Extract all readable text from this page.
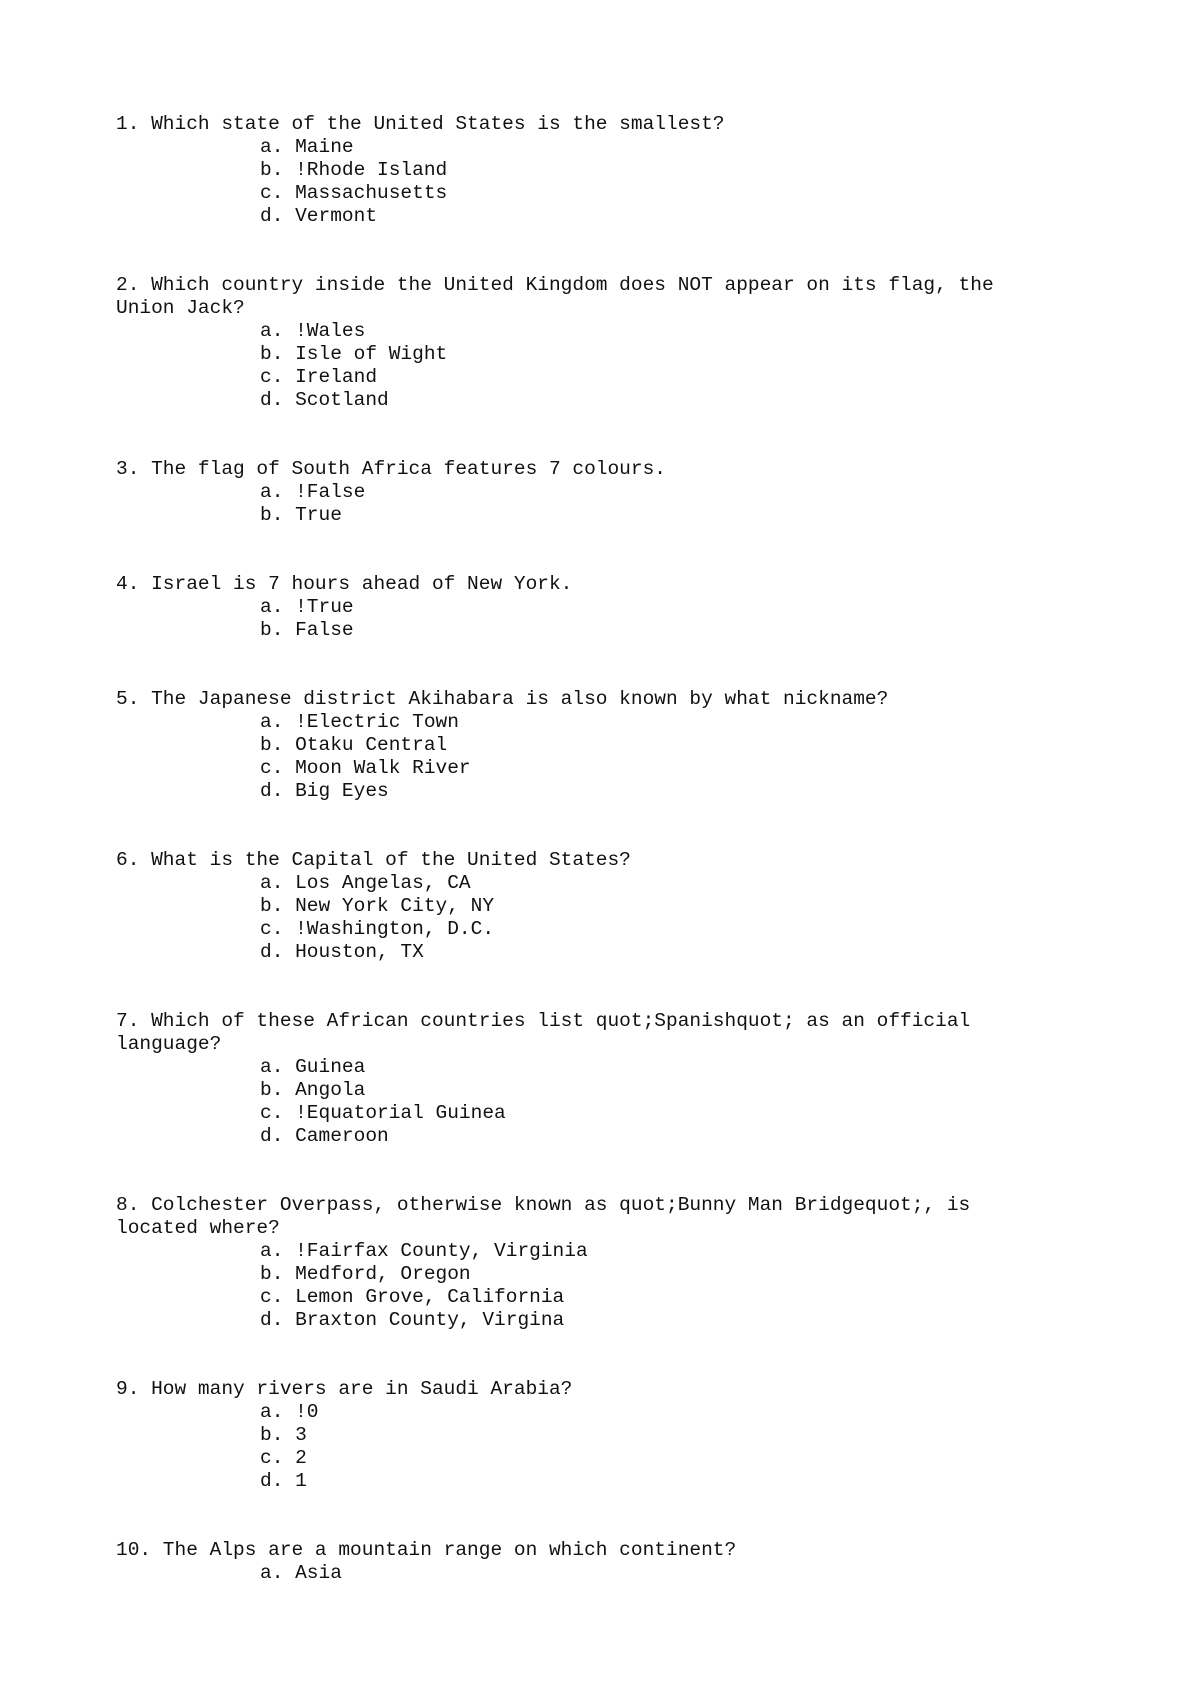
1. Which state of the United States is the smallest?
a. Maine
b. !Rhode Island
c. Massachusetts
d. Vermont
2. Which country inside the United Kingdom does NOT appear on its flag, the
Union Jack?
a. !Wales
b. Isle of Wight
c. Ireland
d. Scotland
3. The flag of South Africa features 7 colours.
a. !False
b. True
4. Israel is 7 hours ahead of New York.
a. !True
b. False
5. The Japanese district Akihabara is also known by what nickname?
a. !Electric Town
b. Otaku Central
c. Moon Walk River
d. Big Eyes
6. What is the Capital of the United States?
a. Los Angelas, CA
b. New York City, NY
c. !Washington, D.C.
d. Houston, TX
7. Which of these African countries list quot;Spanishquot; as an official
language?
a. Guinea
b. Angola
c. !Equatorial Guinea
d. Cameroon
8. Colchester Overpass, otherwise known as quot;Bunny Man Bridgequot;, is
located where?
a. !Fairfax County, Virginia
b. Medford, Oregon
c. Lemon Grove, California
d. Braxton County, Virgina
9. How many rivers are in Saudi Arabia?
a. !0
b. 3
c. 2
d. 1
10. The Alps are a mountain range on which continent?
a. Asia
